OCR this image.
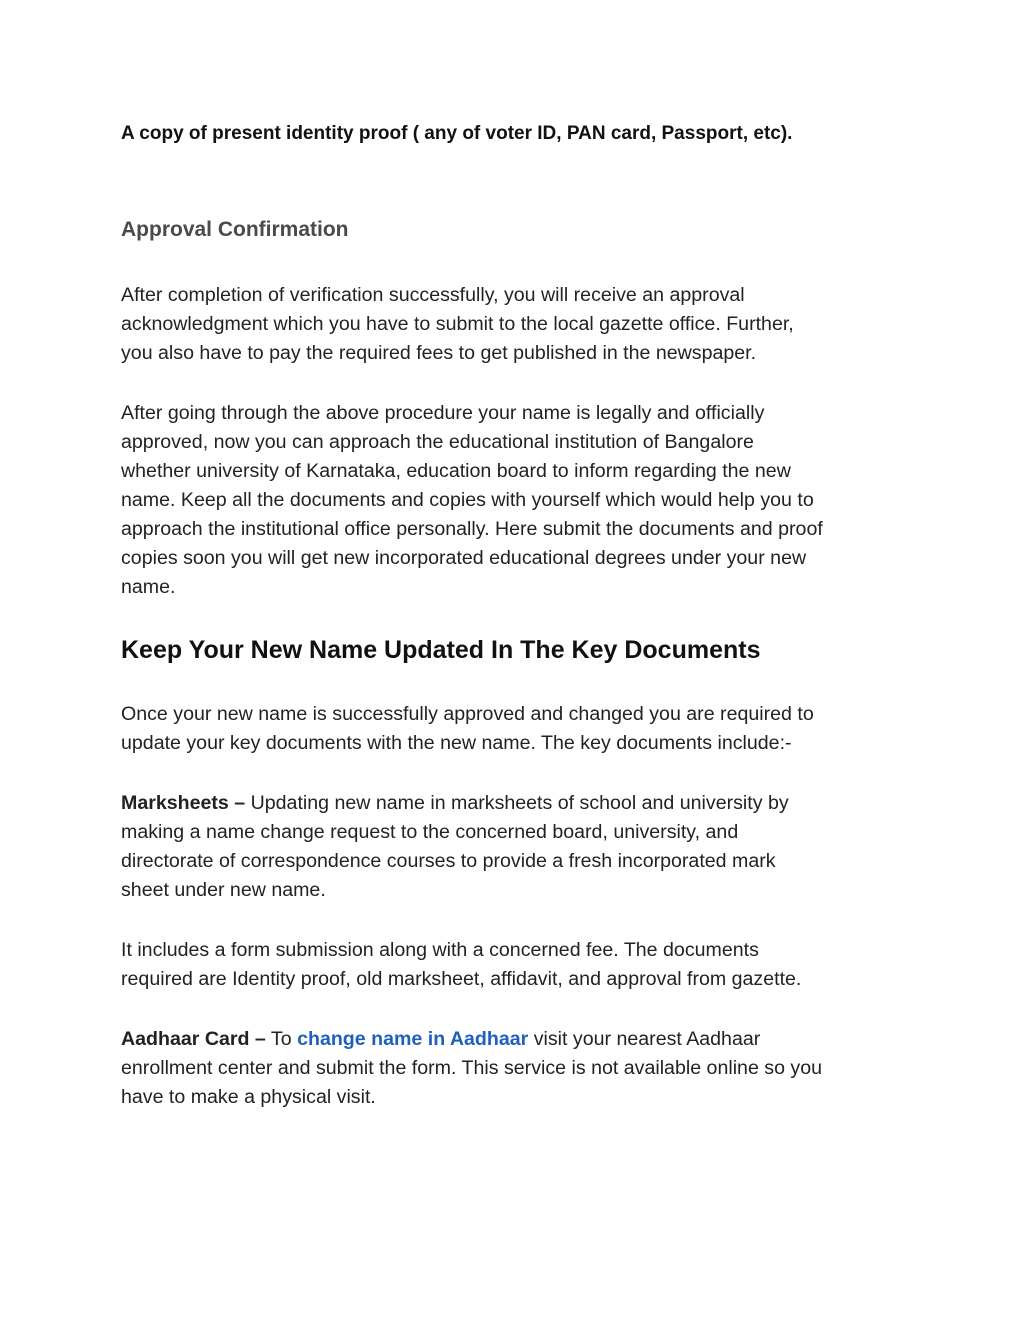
A copy of present identity proof ( any of voter ID, PAN card, Passport, etc).
Approval Confirmation

After completion of verification successfully, you will receive an approval
acknowledgment which you have to submit to the local gazette office. Further,
you also have to pay the required fees to get published in the newspaper.

After going through the above procedure your name is legally and officially
approved, now you can approach the educational institution of Bangalore
whether university of Karnataka, education board to inform regarding the new
name. Keep all the documents and copies with yourself which would help you to
approach the institutional office personally. Here submit the documents and proof
copies soon you will get new incorporated educational degrees under your new
name.

Keep Your New Name Updated In The Key Documents

Once your new name is successfully approved and changed you are required to
update your key documents with the new name. The key documents include:-

Marksheets – Updating new name in marksheets of school and university by
making a name change request to the concerned board, university, and
directorate of correspondence courses to provide a fresh incorporated mark
sheet under new name.

It includes a form submission along with a concerned fee. The documents
required are Identity proof, old marksheet, affidavit, and approval from gazette.

Aadhaar Card – To change name in Aadhaar visit your nearest Aadhaar
enrollment center and submit the form. This service is not available online so you
have to make a physical visit.
